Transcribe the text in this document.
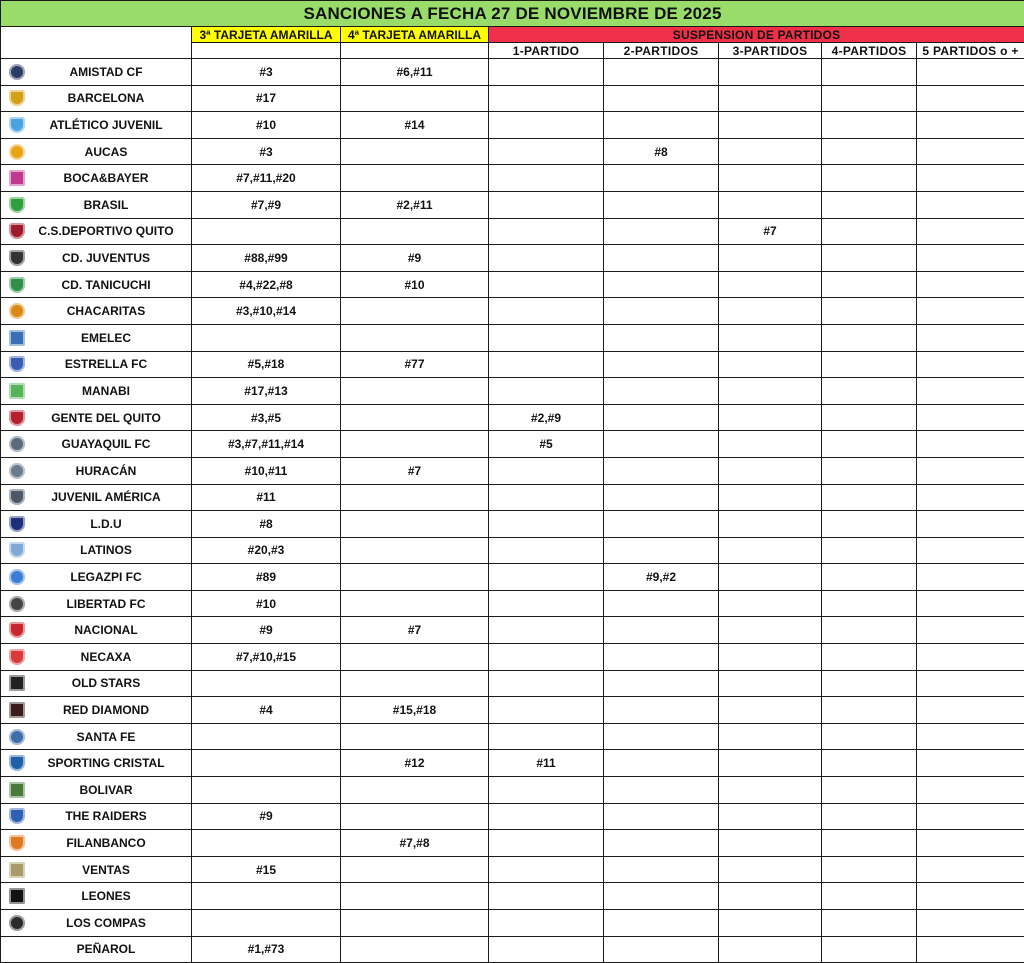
SANCIONES A FECHA 27 DE NOVIEMBRE DE 2025							
	3ª TARJETA AMARILLA	4ª TARJETA AMARILLA	SUSPENSION DE PARTIDOS				
			1-PARTIDO	2-PARTIDOS	3-PARTIDOS	4-PARTIDOS	5 PARTIDOS o +

AMISTAD CF	#3	#6,#11					

BARCELONA	#17						

ATLÉTICO JUVENIL	#10	#14					

AUCAS	#3			#8			

BOCA&BAYER	#7,#11,#20						

BRASIL	#7,#9	#2,#11					

C.S.DEPORTIVO QUITO					#7		

CD. JUVENTUS	#88,#99	#9					

CD. TANICUCHI	#4,#22,#8	#10					

CHACARITAS	#3,#10,#14						

EMELEC							

ESTRELLA FC	#5,#18	#77					

MANABI	#17,#13						

GENTE DEL QUITO	#3,#5		#2,#9				

GUAYAQUIL FC	#3,#7,#11,#14		#5				

HURACÁN	#10,#11	#7					

JUVENIL AMÉRICA	#11						

L.D.U	#8						

LATINOS	#20,#3						

LEGAZPI FC	#89			#9,#2			

LIBERTAD FC	#10						

NACIONAL	#9	#7					

NECAXA	#7,#10,#15						

OLD STARS							

RED DIAMOND	#4	#15,#18					

SANTA FE							

SPORTING CRISTAL		#12	#11				

BOLIVAR							

THE RAIDERS	#9						

FILANBANCO		#7,#8					

VENTAS	#15						

LEONES							

LOS COMPAS							

PEÑAROL	#1,#73						
